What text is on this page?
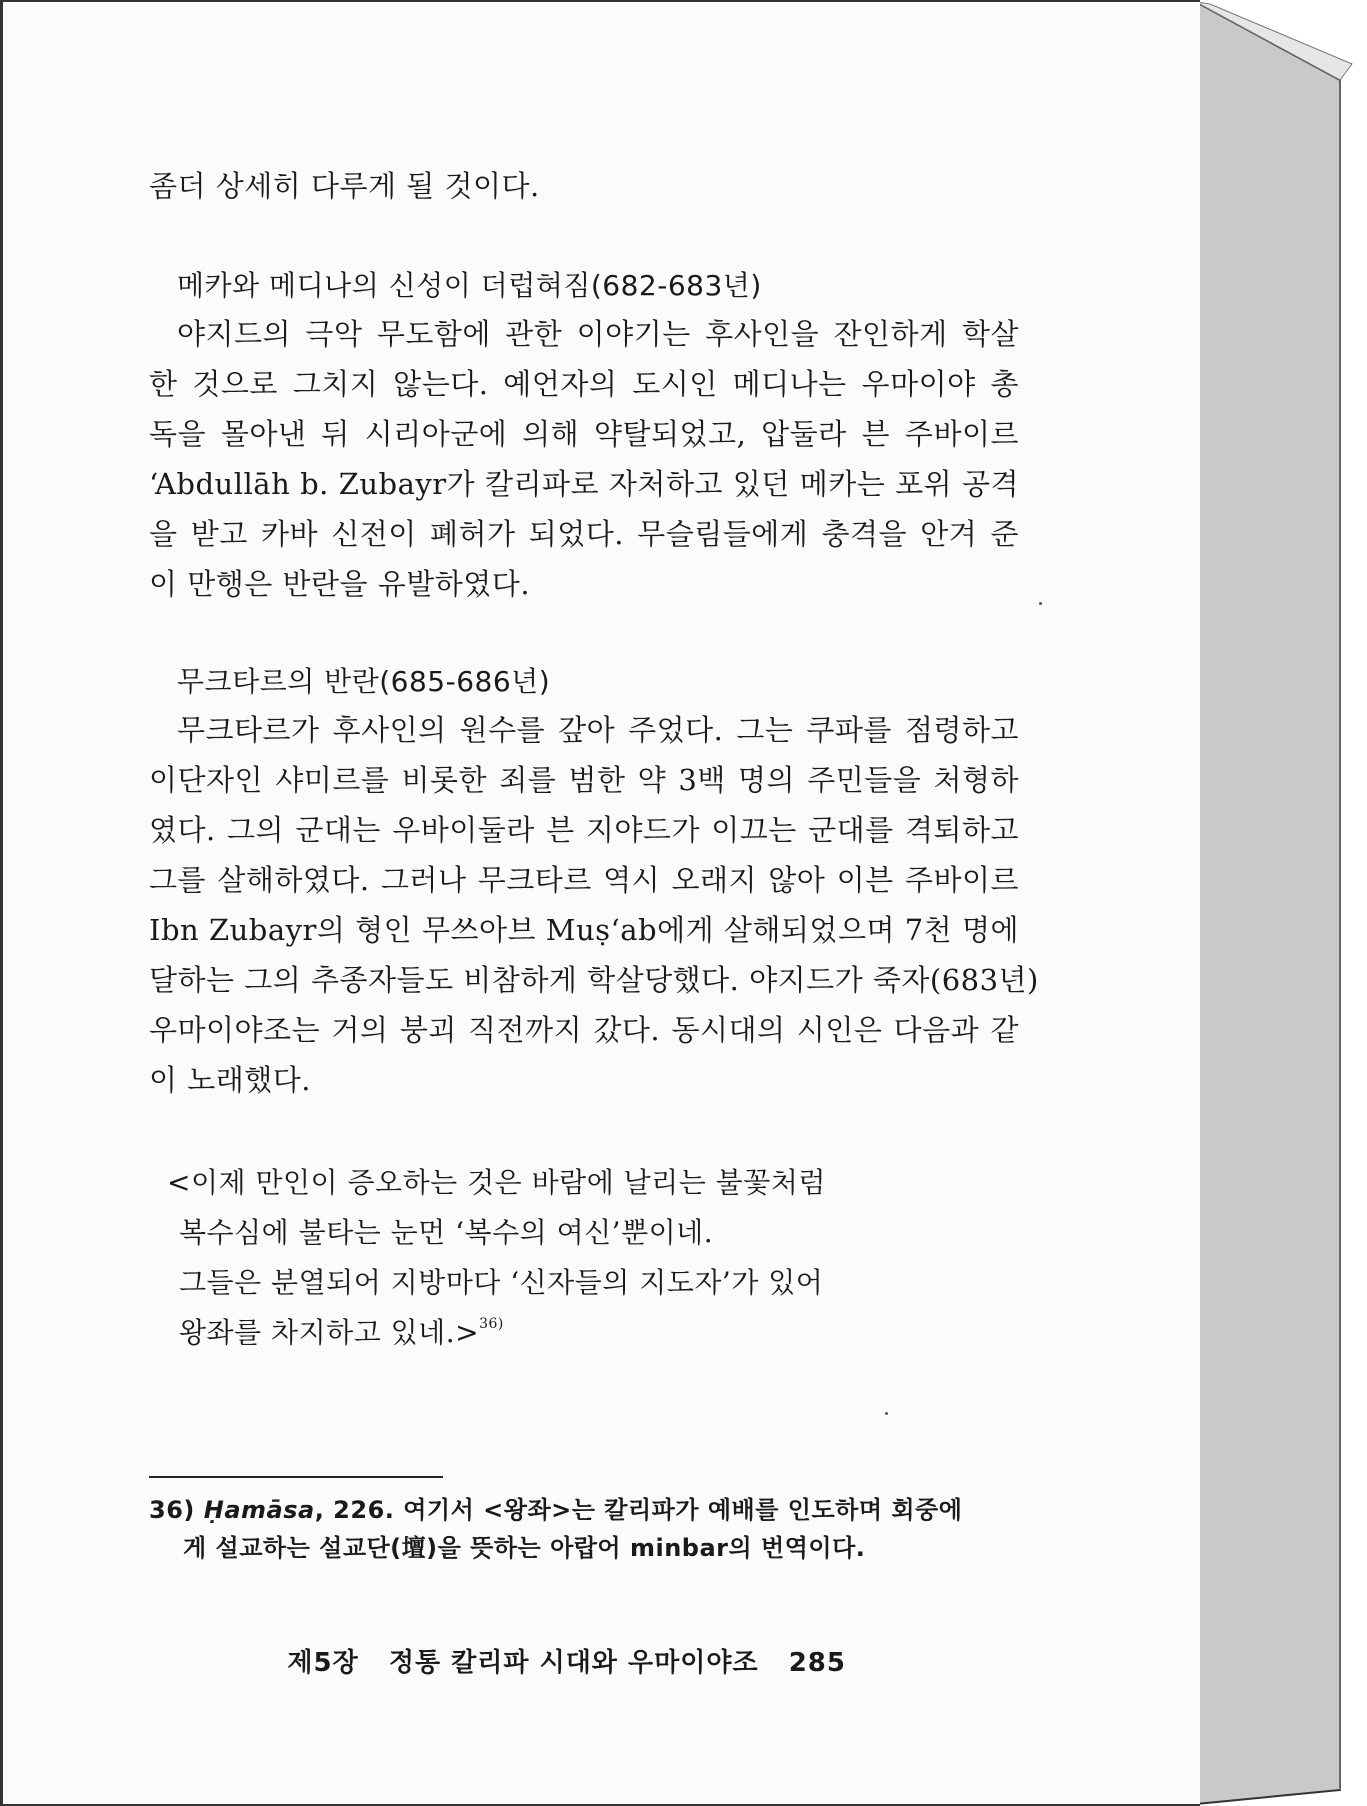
좀더 상세히 다루게 될 것이다.
메카와 메디나의 신성이 더럽혀짐(682-683년)
야지드의 극악 무도함에 관한 이야기는 후사인을 잔인하게 학살
한 것으로 그치지 않는다. 예언자의 도시인 메디나는 우마이야 총
독을 몰아낸 뒤 시리아군에 의해 약탈되었고, 압둘라 븐 주바이르
‘Abdullāh b. Zubayr가 칼리파로 자처하고 있던 메카는 포위 공격
을 받고 카바 신전이 폐허가 되었다. 무슬림들에게 충격을 안겨 준
이 만행은 반란을 유발하였다.
무크타르의 반란(685-686년)
무크타르가 후사인의 원수를 갚아 주었다. 그는 쿠파를 점령하고
이단자인 샤미르를 비롯한 죄를 범한 약 3백 명의 주민들을 처형하
였다. 그의 군대는 우바이둘라 븐 지야드가 이끄는 군대를 격퇴하고
그를 살해하였다. 그러나 무크타르 역시 오래지 않아 이븐 주바이르
Ibn Zubayr의 형인 무쓰아브 Muṣ‘ab에게 살해되었으며 7천 명에
달하는 그의 추종자들도 비참하게 학살당했다. 야지드가 죽자(683년)
우마이야조는 거의 붕괴 직전까지 갔다. 동시대의 시인은 다음과 같
이 노래했다.
<이제 만인이 증오하는 것은 바람에 날리는 불꽃처럼
복수심에 불타는 눈먼 ‘복수의 여신’뿐이네.
그들은 분열되어 지방마다 ‘신자들의 지도자’가 있어
왕좌를 차지하고 있네.>$^{36)}$
36) Ḥamāsa, 226. 여기서 <왕좌>는 칼리파가 예배를 인도하며 회중에
게 설교하는 설교단(壇)을 뜻하는 아랍어 minbar의 번역이다.
제5장 정통 칼리파 시대와 우마이야조 285
